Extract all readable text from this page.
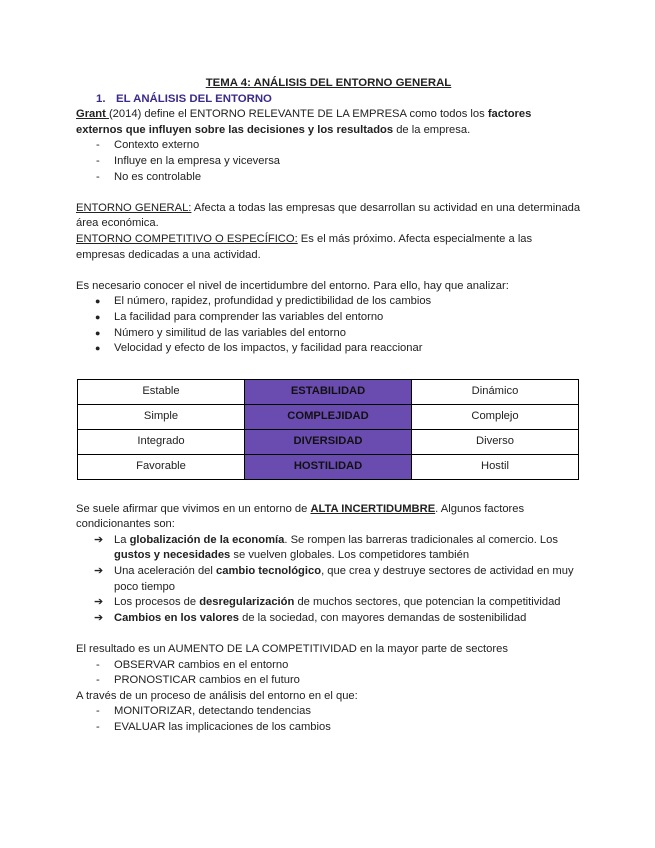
TEMA 4: ANÁLISIS DEL ENTORNO GENERAL

1. EL ANÁLISIS DEL ENTORNO

Grant (2014) define el ENTORNO RELEVANTE DE LA EMPRESA como todos los factores externos que influyen sobre las decisiones y los resultados de la empresa.

- Contexto externo
- Influye en la empresa y viceversa
- No es controlable

ENTORNO GENERAL: Afecta a todas las empresas que desarrollan su actividad en una determinada área económica.

ENTORNO COMPETITIVO O ESPECÍFICO: Es el más próximo. Afecta especialmente a las empresas dedicadas a una actividad.

Es necesario conocer el nivel de incertidumbre del entorno. Para ello, hay que analizar:

● El número, rapidez, profundidad y predictibilidad de los cambios
● La facilidad para comprender las variables del entorno
● Número y similitud de las variables del entorno
● Velocidad y efecto de los impactos, y facilidad para reaccionar
Estable	ESTABILIDAD	Dinámico
Simple	COMPLEJIDAD	Complejo
Integrado	DIVERSIDAD	Diverso
Favorable	HOSTILIDAD	Hostil

Se suele afirmar que vivimos en un entorno de ALTA INCERTIDUMBRE. Algunos factores condicionantes son:

➔ La globalización de la economía. Se rompen las barreras tradicionales al comercio. Los gustos y necesidades se vuelven globales. Los competidores también
➔ Una aceleración del cambio tecnológico, que crea y destruye sectores de actividad en muy poco tiempo
➔ Los procesos de desregularización de muchos sectores, que potencian la competitividad
➔ Cambios en los valores de la sociedad, con mayores demandas de sostenibilidad

El resultado es un AUMENTO DE LA COMPETITIVIDAD en la mayor parte de sectores

- OBSERVAR cambios en el entorno
- PRONOSTICAR cambios en el futuro

A través de un proceso de análisis del entorno en el que:

- MONITORIZAR, detectando tendencias
- EVALUAR las implicaciones de los cambios
